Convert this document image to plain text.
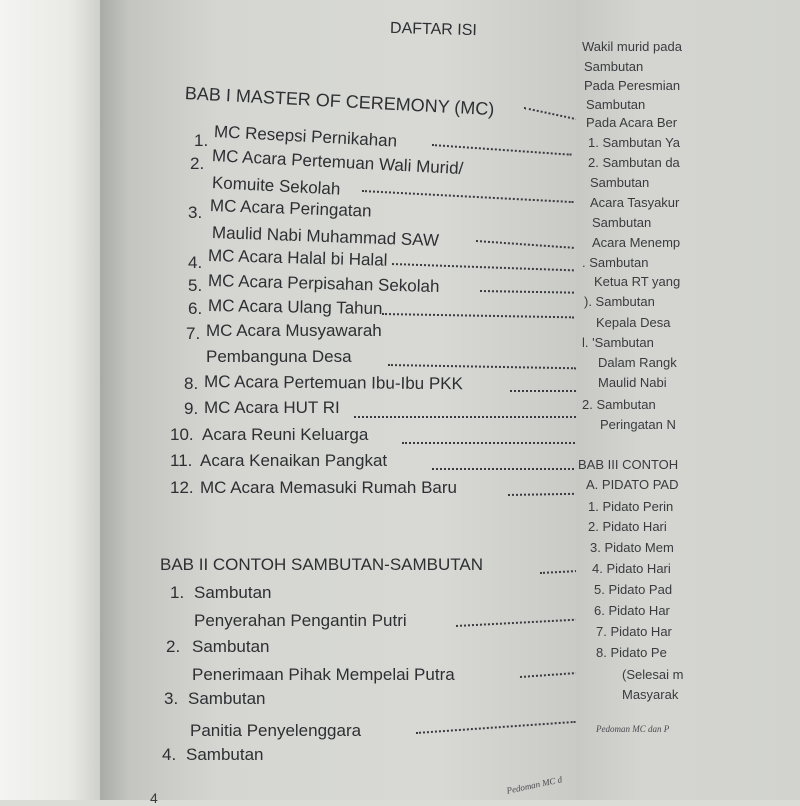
DAFTAR ISI
BAB I MASTER OF CEREMONY (MC)
1. MC Resepsi Pernikahan
2. MC Acara Pertemuan Wali Murid/
Komuite Sekolah
3. MC Acara Peringatan
Maulid Nabi Muhammad SAW
4. MC Acara Halal bi Halal
5. MC Acara Perpisahan Sekolah
6. MC Acara Ulang Tahun
7. MC Acara Musyawarah
Pembanguna Desa
8. MC Acara Pertemuan Ibu-Ibu PKK
9. MC Acara HUT RI
10. Acara Reuni Keluarga
11. Acara Kenaikan Pangkat
12. MC Acara Memasuki Rumah Baru
BAB II CONTOH SAMBUTAN-SAMBUTAN
1. Sambutan
Penyerahan Pengantin Putri
2. Sambutan
Penerimaan Pihak Mempelai Putra
3. Sambutan
Panitia Penyelenggara
4. Sambutan
Pedoman MC d
4
Wakil murid pada
Sambutan
Pada Peresmian
Sambutan
Pada Acara Ber
1. Sambutan Ya
2. Sambutan da
Sambutan
Acara Tasyakur
Sambutan
Acara Menemp
. Sambutan
Ketua RT yang
). Sambutan
Kepala Desa
l. 'Sambutan
Dalam Rangk
Maulid Nabi
2. Sambutan
Peringatan N
BAB III CONTOH
A. PIDATO PAD
1. Pidato Perin
2. Pidato Hari
3. Pidato Mem
4. Pidato Hari
5. Pidato Pad
6. Pidato Har
7. Pidato Har
8. Pidato Pe
(Selesai m
Masyarak
Pedoman MC dan P
